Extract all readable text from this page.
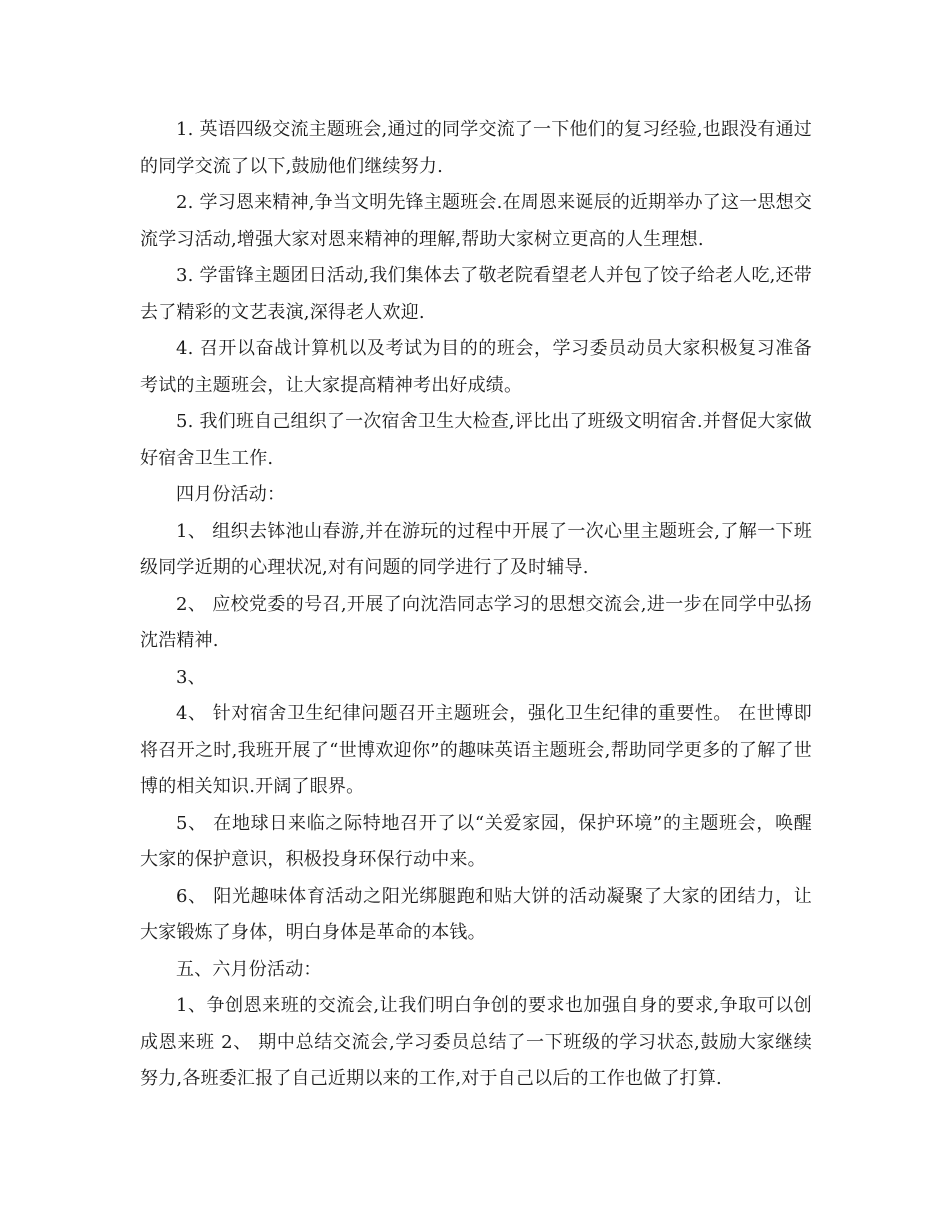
1. 英语四级交流主题班会,通过的同学交流了一下他们的复习经验,也跟没有通过的同学交流了以下,鼓励他们继续努力.

2. 学习恩来精神,争当文明先锋主题班会.在周恩来诞辰的近期举办了这一思想交流学习活动,增强大家对恩来精神的理解,帮助大家树立更高的人生理想.

3. 学雷锋主题团日活动,我们集体去了敬老院看望老人并包了饺子给老人吃,还带去了精彩的文艺表演,深得老人欢迎.

4. 召开以奋战计算机以及考试为目的的班会，学习委员动员大家积极复习准备考试的主题班会，让大家提高精神考出好成绩。

5. 我们班自己组织了一次宿舍卫生大检查,评比出了班级文明宿舍.并督促大家做好宿舍卫生工作.

四月份活动：

1、 组织去钵池山春游,并在游玩的过程中开展了一次心里主题班会,了解一下班级同学近期的心理状况,对有问题的同学进行了及时辅导.

2、 应校党委的号召,开展了向沈浩同志学习的思想交流会,进一步在同学中弘扬沈浩精神.

3、

4、 针对宿舍卫生纪律问题召开主题班会，强化卫生纪律的重要性。 在世博即将召开之时,我班开展了“世博欢迎你”的趣味英语主题班会,帮助同学更多的了解了世博的相关知识.开阔了眼界。

5、 在地球日来临之际特地召开了以“关爱家园，保护环境”的主题班会，唤醒大家的保护意识，积极投身环保行动中来。

6、 阳光趣味体育活动之阳光绑腿跑和贴大饼的活动凝聚了大家的团结力，让大家锻炼了身体，明白身体是革命的本钱。

五、六月份活动：

1、争创恩来班的交流会,让我们明白争创的要求也加强自身的要求,争取可以创成恩来班 2、 期中总结交流会,学习委员总结了一下班级的学习状态,鼓励大家继续努力,各班委汇报了自己近期以来的工作,对于自己以后的工作也做了打算.
